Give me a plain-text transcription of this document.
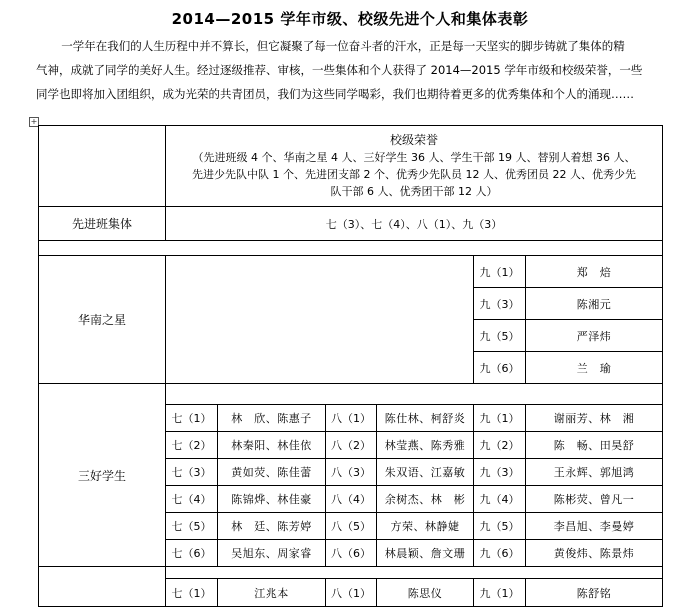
2014—2015 学年市级、校级先进个人和集体表彰

一学年在我们的人生历程中并不算长，但它凝聚了每一位奋斗者的汗水，正是每一天坚实的脚步铸就了集体的精

气神，成就了同学的美好人生。经过逐级推荐、审核，一些集体和个人获得了 2014—2015 学年市级和校级荣誉，一些
同学也即将加入团组织，成为光荣的共青团员，我们为这些同学喝彩，我们也期待着更多的优秀集体和个人的涌现……
+

	校级荣誉
（先进班级 4 个、华南之星 4 人、三好学生 36 人、学生干部 19 人、替别人着想 36 人、
先进少先队中队 1 个、先进团支部 2 个、优秀少先队员 12 人、优秀团员 22 人、优秀少先
队干部 6 人、优秀团干部 12 人）					

先进班集体	七（3）、七（4）、八（1）、九（3）					

华南之星					九（1）	郑　焙
					九（3）	陈湘元
					九（5）	严泽炜
					九（6）	兰　瑜
三好学生						
	七（1）	林　欣、陈惠子	八（1）	陈仕林、柯舒炎	九（1）	谢丽芳、林　湘
	七（2）	林秦阳、林佳依	八（2）	林莹燕、陈秀雅	九（2）	陈　畅、田昊舒
	七（3）	黄如荧、陈佳蕾	八（3）	朱双语、江嘉敏	九（3）	王永辉、郭旭鸿
	七（4）	陈锦烨、林佳豪	八（4）	余树杰、林　彬	九（4）	陈彬荧、曾凡一
	七（5）	林　廷、陈芳婷	八（5）	方荣、林静婕	九（5）	李昌旭、李曼婷
	七（6）	吴旭东、周家睿	八（6）	林晨颖、詹文珊	九（6）	黄俊炜、陈景炜

	七（1）	江兆本	八（1）	陈思仪	九（1）	陈舒铭
